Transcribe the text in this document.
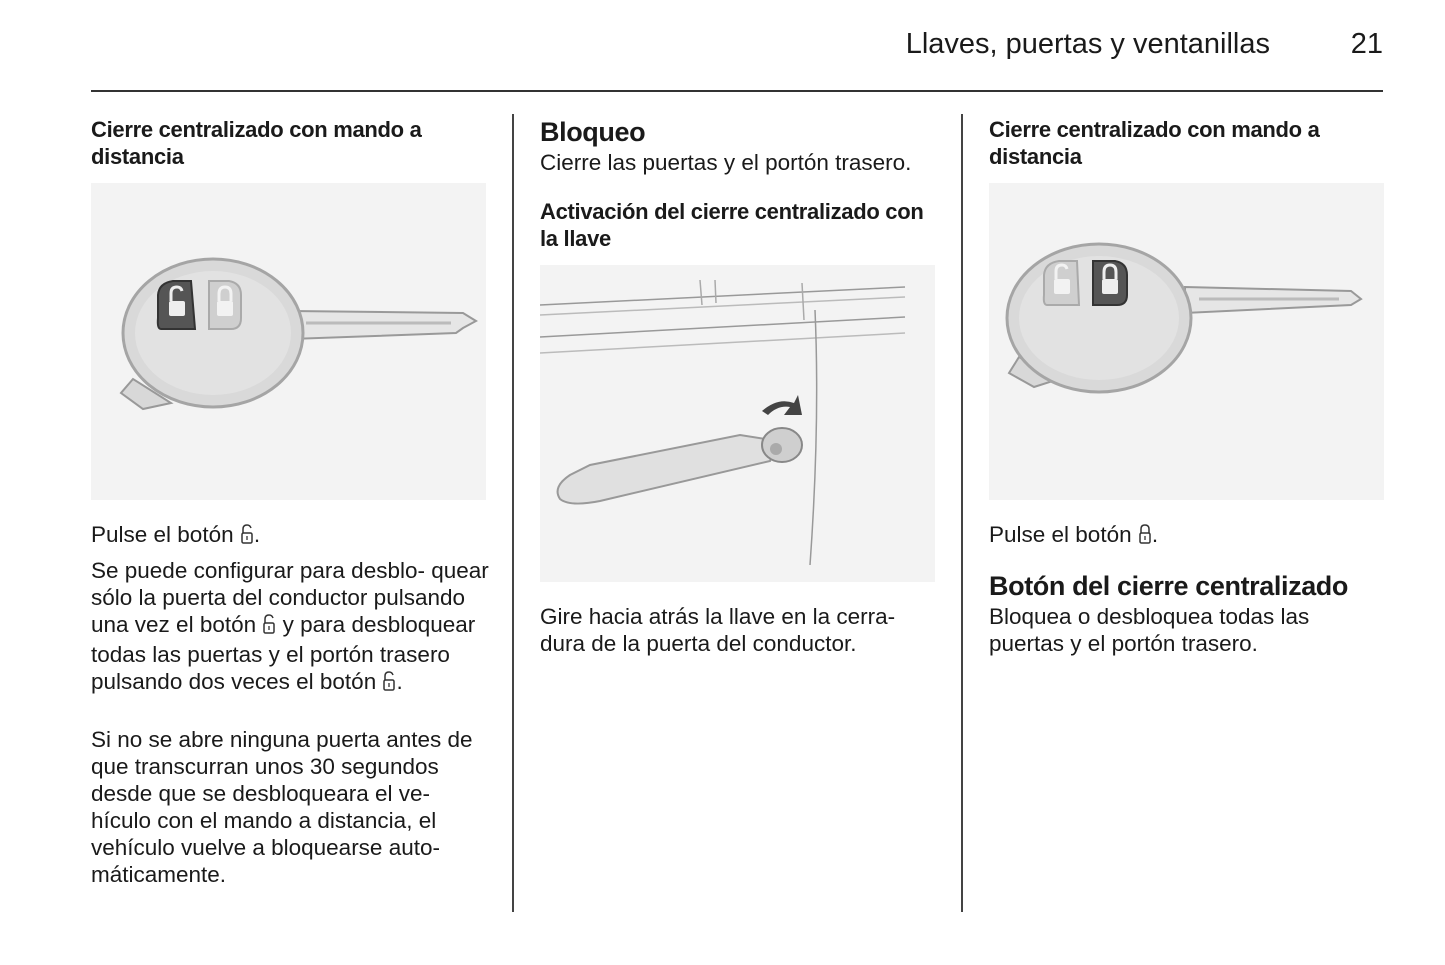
Llaves, puertas y ventanillas	21
Cierre centralizado con mando a distancia

Pulse el botón .

Se puede configurar para desblo- quear sólo la puerta del conductor pulsando una vez el botón y para desbloquear todas las puertas y el portón trasero pulsando dos veces el botón .

Si no se abre ninguna puerta antes de que transcurran unos 30 segundos desde que se desbloqueara el ve- hículo con el mando a distancia, el vehículo vuelve a bloquearse auto- máticamente.

Bloqueo

Cierre las puertas y el portón trasero.

Activación del cierre centralizado con la llave

Gire hacia atrás la llave en la cerra- dura de la puerta del conductor.

Cierre centralizado con mando a distancia

Pulse el botón .

Botón del cierre centralizado

Bloquea o desbloquea todas las puertas y el portón trasero.
